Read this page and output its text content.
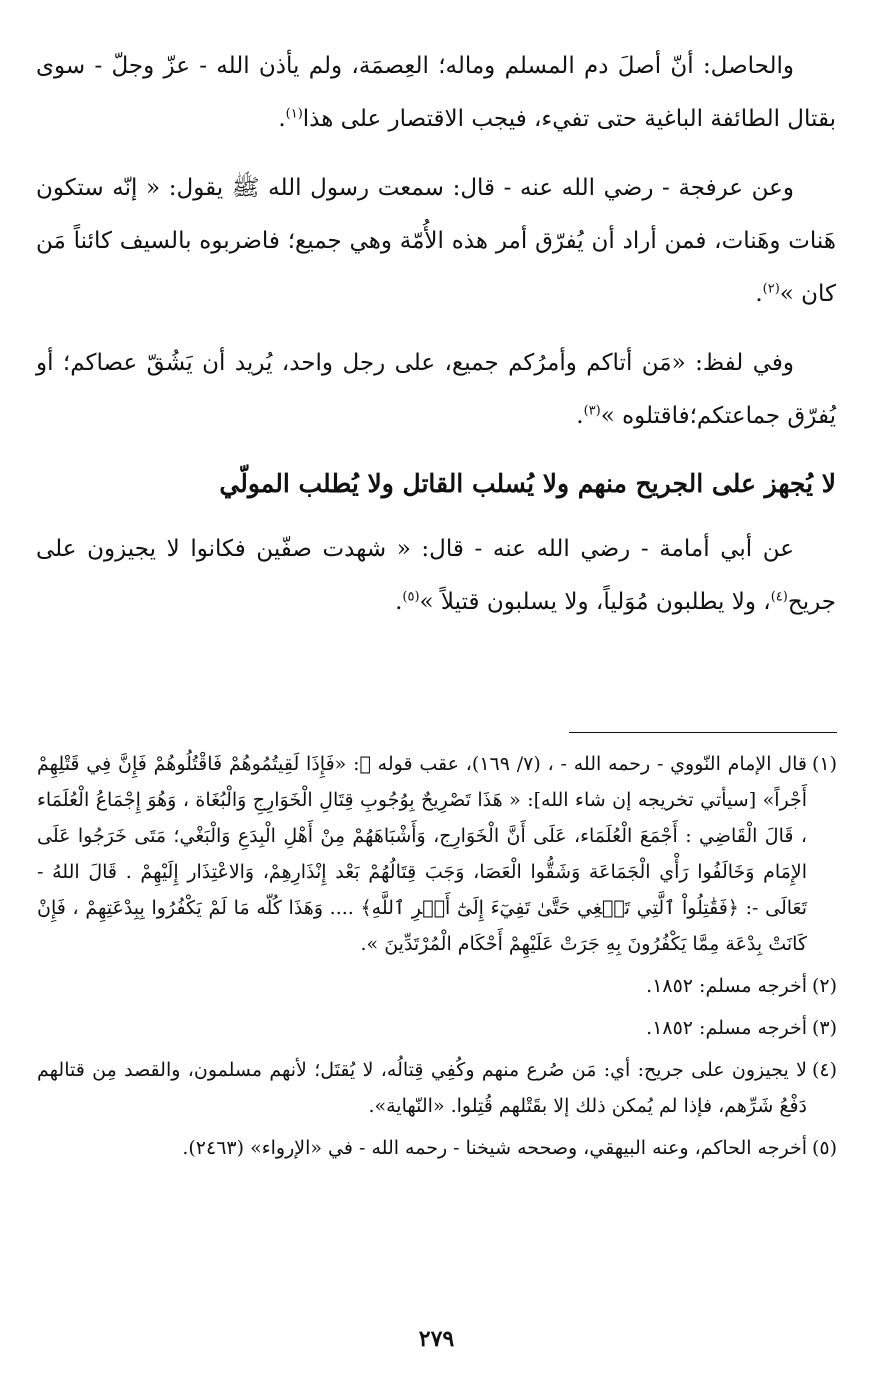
والحاصل: أنّ أصلَ دم المسلم وماله؛ العِصمَة، ولم يأذن الله - عزّ وجلّ - سوى بقتال الطائفة الباغية حتى تفيء، فيجب الاقتصار على هذا$^{(١)}$.

وعن عرفجة - رضي الله عنه - قال: سمعت رسول الله ﷺ يقول: « إنّه ستكون هَنات وهَنات، فمن أراد أن يُفرّق أمر هذه الأُمّة وهي جميع؛ فاضربوه بالسيف كائناً مَن كان »$^{(٢)}$.

وفي لفظ: «مَن أتاكم وأمرُكم جميع، على رجل واحد، يُريد أن يَشُقّ عصاكم؛ أو يُفرّق جماعتكم؛فاقتلوه »$^{(٣)}$.

لا يُجهز على الجريح منهم ولا يُسلب القاتل ولا يُطلب المولّي

عن أبي أمامة - رضي الله عنه - قال: « شهدت صفّين فكانوا لا يجيزون على جريح$^{(٤)}$، ولا يطلبون مُوَلياً، ولا يسلبون قتيلاً »$^{(٥)}$.

(١)
قال الإمام النّووي - رحمه الله - ، (٧/ ١٦٩)، عقب قوله ﷺ: «فَإِذَا لَقِيتُمُوهُمْ فَاقْتُلُوهُمْ فَإِنَّ فِي قَتْلِهِمْ أَجْراً» [سيأتي تخريجه إن شاء الله]: « هَذَا تَصْرِيحٌ بِوُجُوبِ قِتَالِ الْخَوَارِجِ وَالْبُغَاة ، وَهُوَ إِجْمَاعُ الْعُلَمَاء ، قَالَ الْقَاضِي : أَجْمَعَ الْعُلَمَاء، عَلَى أَنَّ الْخَوَارِج، وَأَشْبَاهَهُمْ مِنْ أَهْلِ الْبِدَعِ وَالْبَغْي؛ مَتَى خَرَجُوا عَلَى الإِمَام وَخَالَفُوا رَأْي الْجَمَاعَة وَشَقُّوا الْعَصَا، وَجَبَ قِتَالُهُمْ بَعْد إِنْذَارِهِمْ، وَالاعْتِذَار إِلَيْهِمْ . قَالَ اللهُ - تَعَالَى -: ﴿فَقَٰتِلُواْ ٱلَّتِي تَبۡغِي حَتَّىٰ تَفِيٓءَ إِلَىٰٓ أَمۡرِ ٱللَّهِ﴾ .... وَهَذَا كُلّه مَا لَمْ يَكْفُرُوا بِبِدْعَتِهِمْ ، فَإِنْ كَانَتْ بِدْعَة مِمَّا يَكْفُرُونَ بِهِ جَرَتْ عَلَيْهِمْ أَحْكَام الْمُرْتَدِّينَ ».

(٢)
أخرجه مسلم: ١٨٥٢.

(٣)
أخرجه مسلم: ١٨٥٢.

(٤)
لا يجيزون على جريح: أي: مَن صُرع منهم وكُفِي قِتالُه، لا يُقتَل؛ لأنهم مسلمون، والقصد مِن قتالهم دَفْعُ شَرِّهم، فإذا لم يُمكن ذلك إلا بقَتْلهم قُتِلوا. «النّهاية».

(٥)
أخرجه الحاكم، وعنه البيهقي، وصححه شيخنا - رحمه الله - في «الإرواء» (٢٤٦٣).

٢٧٩
